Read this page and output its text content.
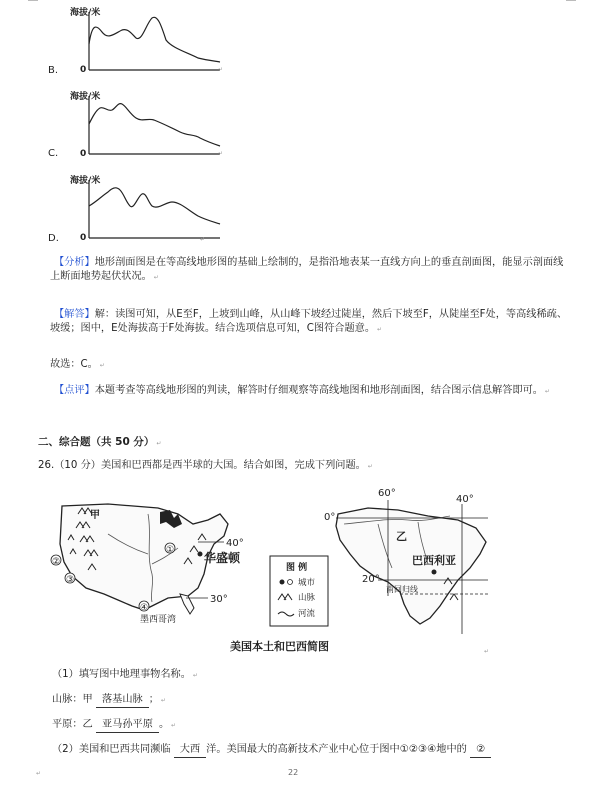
B.
海拔/米
0	↵
C.
海拔/米
0	↵
D.
海拔/米
0	↵
【分析】地形剖面图是在等高线地形图的基础上绘制的，是指沿地表某一直线方向上的垂直剖面图，能显示剖面线上断面地势起伏状况。 ↵
【解答】解：读图可知，从E至F，上坡到山峰，从山峰下坡经过陡崖，然后下坡至F，从陡崖至F处，等高线稀疏、坡缓；图中，E处海拔高于F处海拔。结合选项信息可知，C图符合题意。 ↵
故选：C。 ↵
【点评】本题考查等高线地形图的判读，解答时仔细观察等高线地图和地形剖面图，结合图示信息解答即可。 ↵
二、综合题（共 50 分） ↵
26.（10 分）美国和巴西都是西半球的大国。结合如图，完成下列问题。 ↵
40°
30°
甲
华盛顿
墨西哥湾
①
②
③
④
图 例
城市
山脉
河流
60°
40°
0°
20°
乙
巴西利亚
南回归线
美国本土和巴西简图	↵
（1）填写图中地理事物名称。 ↵
山脉：甲 落基山脉 ； ↵
平原：乙 亚马孙平原 。 ↵
（2）美国和巴西共同濒临 大西 洋。美国最大的高新技术产业中心位于图中①②③④地中的 ②
↵	22
